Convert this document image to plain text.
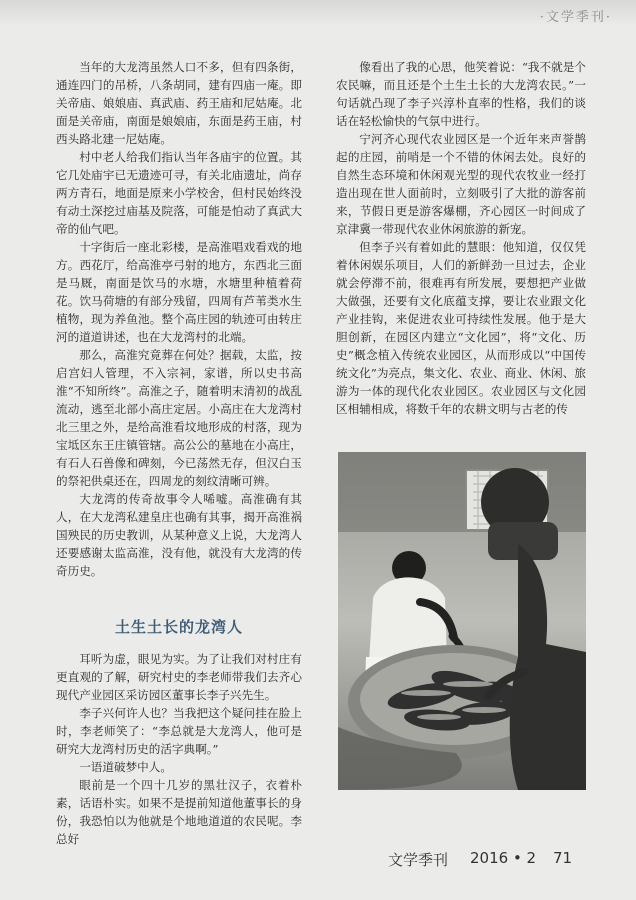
·文学季刊·

当年的大龙湾虽然人口不多，但有四条街，通连四门的吊桥，八条胡同，建有四庙一庵。即关帝庙、娘娘庙、真武庙、药王庙和尼姑庵。北面是关帝庙，南面是娘娘庙，东面是药王庙，村西头路北建一尼姑庵。

村中老人给我们指认当年各庙宇的位置。其它几处庙宇已无遗迹可寻，有关北庙遗址，尚存两方青石，地面是原来小学校舍，但村民始终没有动土深挖过庙基及院落，可能是怕动了真武大帝的仙气吧。

十字街后一座北彩楼，是高淮唱戏看戏的地方。西花厅，给高淮亭弓射的地方，东西北三面是马厩，南面是饮马的水塘，水塘里种植着荷花。饮马荷塘的有部分残留，四周有芦苇类水生植物，现为养鱼池。整个高庄园的轨迹可由转庄河的道道讲述，也在大龙湾村的北端。

那么，高淮究竟葬在何处？据载，太监，按启宫妇人管理，不入宗祠，家谱，所以史书高淮“不知所终”。高淮之子，随着明末清初的战乱流动，逃至北部小高庄定居。小高庄在大龙湾村北三里之外，是给高淮看坟地形成的村落，现为宝坻区东王庄镇管辖。高公公的墓地在小高庄，有石人石兽像和碑刻，今已荡然无存，但汉白玉的祭祀供桌还在，四周龙的刻纹清晰可辨。

大龙湾的传奇故事令人唏嘘。高淮确有其人，在大龙湾私建皇庄也确有其事，揭开高淮祸国殃民的历史教训，从某种意义上说，大龙湾人还要感谢太监高淮，没有他，就没有大龙湾的传奇历史。

土生土长的龙湾人

耳听为虚，眼见为实。为了让我们对村庄有更直观的了解，研究村史的李老师带我们去齐心现代产业园区采访园区董事长李子兴先生。

李子兴何许人也？当我把这个疑问挂在脸上时，李老师笑了：“李总就是大龙湾人，他可是研究大龙湾村历史的活字典啊。”

一语道破梦中人。

眼前是一个四十几岁的黑壮汉子，衣着朴素，话语朴实。如果不是提前知道他董事长的身份，我恐怕以为他就是个地地道道的农民呢。李总好

像看出了我的心思，他笑着说：“我不就是个农民嘛，而且还是个土生土长的大龙湾农民。”一句话就凸现了李子兴淳朴直率的性格，我们的谈话在轻松愉快的气氛中进行。

宁河齐心现代农业园区是一个近年来声誉鹊起的庄园，前哨是一个不错的休闲去处。良好的自然生态环境和休闲观光型的现代农牧业一经打造出现在世人面前时，立刻吸引了大批的游客前来，节假日更是游客爆棚，齐心园区一时间成了京津冀一带现代农业休闲旅游的新宠。

但李子兴有着如此的慧眼：他知道，仅仅凭着休闲娱乐项目，人们的新鲜劲一旦过去，企业就会停滞不前，很难再有所发展，要想把产业做大做强，还要有文化底蕴支撑，要让农业跟文化产业挂钩，来促进农业可持续性发展。他于是大胆创新，在园区内建立“文化园”，将“文化、历史”概念植入传统农业园区，从而形成以“中国传统文化”为亮点，集文化、农业、商业、休闲、旅游为一体的现代化农业园区。农业园区与文化园区相辅相成，将数千年的农耕文明与古老的传

文学季刊 2016 • 2 71
